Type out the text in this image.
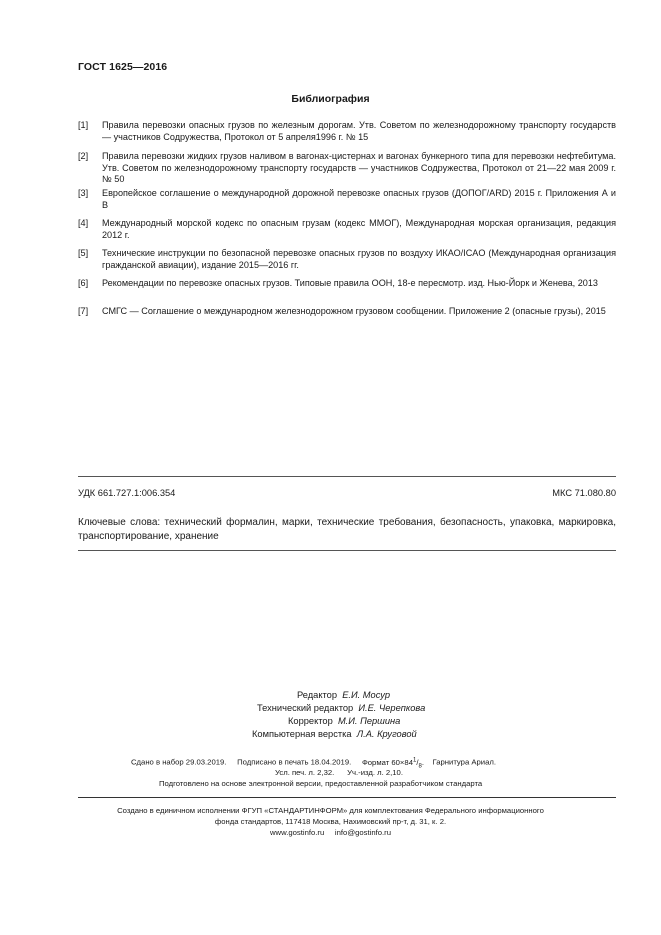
ГОСТ 1625—2016
Библиография
[1] Правила перевозки опасных грузов по железным дорогам. Утв. Советом по железнодорожному транспорту государств — участников Содружества, Протокол от 5 апреля1996 г. № 15
[2] Правила перевозки жидких грузов наливом в вагонах-цистернах и вагонах бункерного типа для перевозки нефтебитума. Утв. Советом по железнодорожному транспорту государств — участников Содружества, Протокол от 21—22 мая 2009 г. № 50
[3] Европейское соглашение о международной дорожной перевозке опасных грузов (ДОПОГ/ARD) 2015 г. Приложения А и В
[4] Международный морской кодекс по опасным грузам (кодекс ММОГ), Международная морская организация, редакция 2012 г.
[5] Технические инструкции по безопасной перевозке опасных грузов по воздуху ИКАО/ICAO (Международная организация гражданской авиации), издание 2015—2016 гг.
[6] Рекомендации по перевозке опасных грузов. Типовые правила ООН, 18-е пересмотр. изд. Нью-Йорк и Женева, 2013
[7] СМГС — Соглашение о международном железнодорожном грузовом сообщении. Приложение 2 (опасные грузы), 2015
УДК 661.727.1:006.354	МКС 71.080.80
Ключевые слова: технический формалин, марки, технические требования, безопасность, упаковка, маркировка, транспортирование, хранение
Редактор Е.И. Мосур
Технический редактор И.Е. Черепкова
Корректор М.И. Першина
Компьютерная верстка Л.А. Круговой
Сдано в набор 29.03.2019. Подписано в печать 18.04.2019. Формат $60\times 84^1/_8$. Гарнитура Ариал.
Усл. печ. л. 2,32. Уч.-изд. л. 2,10.
Подготовлено на основе электронной версии, предоставленной разработчиком стандарта
Создано в единичном исполнении ФГУП «СТАНДАРТИНФОРМ» для комплектования Федерального информационного
фонда стандартов, 117418 Москва, Нахимовский пр-т, д. 31, к. 2.
www.gostinfo.ru info@gostinfo.ru
